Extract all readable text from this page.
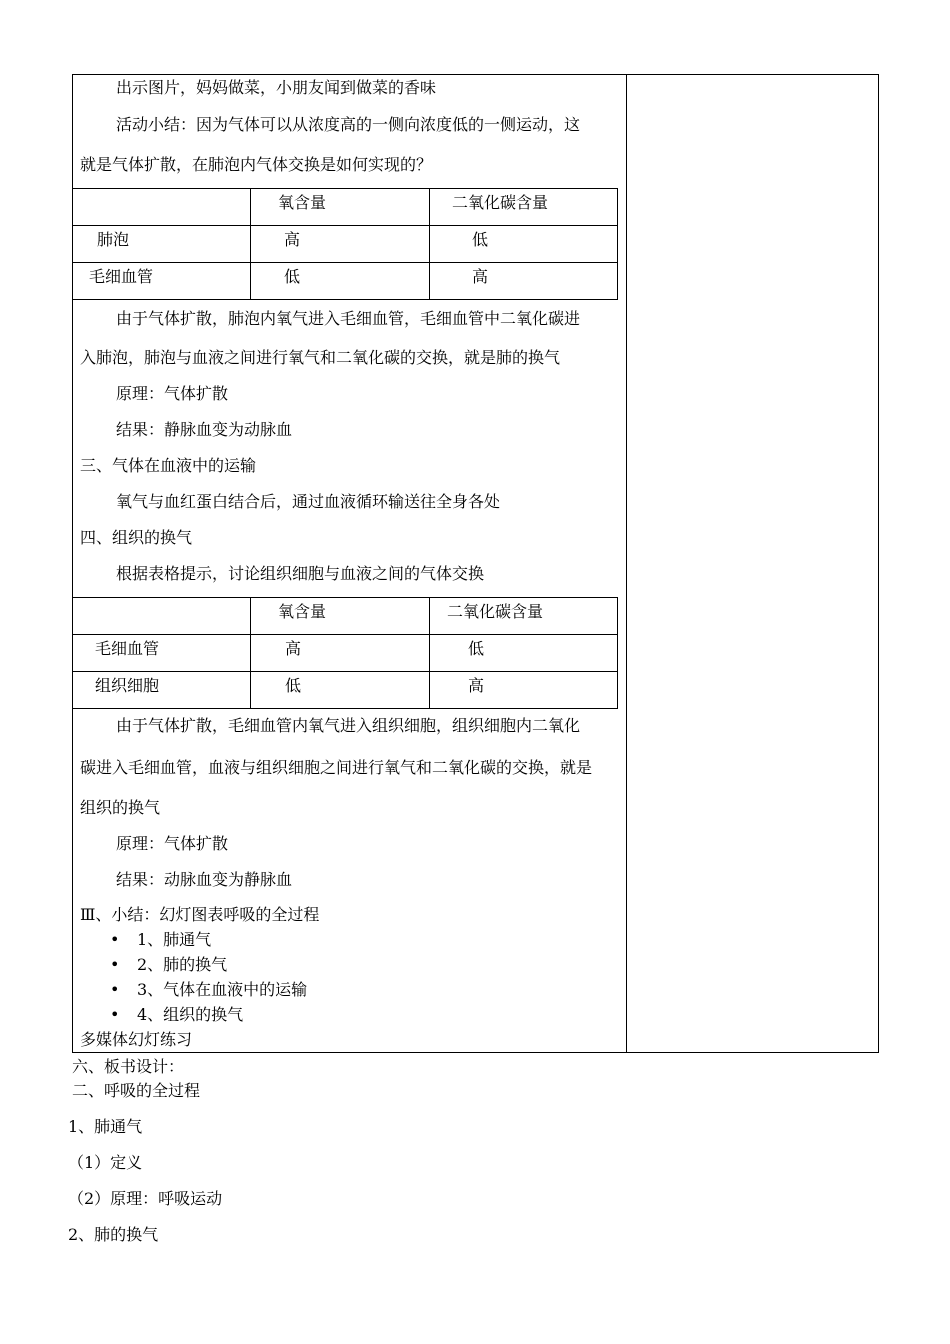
出示图片，妈妈做菜，小朋友闻到做菜的香味
活动小结：因为气体可以从浓度高的一侧向浓度低的一侧运动，这
就是气体扩散，在肺泡内气体交换是如何实现的？

	氧含量	二氧化碳含量

肺泡	高	低

毛细血管	低	高
由于气体扩散，肺泡内氧气进入毛细血管，毛细血管中二氧化碳进
入肺泡，肺泡与血液之间进行氧气和二氧化碳的交换，就是肺的换气
原理：气体扩散
结果：静脉血变为动脉血
三、气体在血液中的运输
氧气与血红蛋白结合后，通过血液循环输送往全身各处
四、组织的换气
根据表格提示，讨论组织细胞与血液之间的气体交换

	氧含量	二氧化碳含量

毛细血管	高	低

组织细胞	低	高
由于气体扩散，毛细血管内氧气进入组织细胞，组织细胞内二氧化
碳进入毛细血管，血液与组织细胞之间进行氧气和二氧化碳的交换，就是
组织的换气
原理：气体扩散
结果：动脉血变为静脉血
Ⅲ、小结：幻灯图表呼吸的全过程
• 1、肺通气
• 2、肺的换气
• 3、气体在血液中的运输
• 4、组织的换气
多媒体幻灯练习
六、板书设计：
二、呼吸的全过程
1、肺通气
（1）定义
（2）原理：呼吸运动
2、肺的换气
